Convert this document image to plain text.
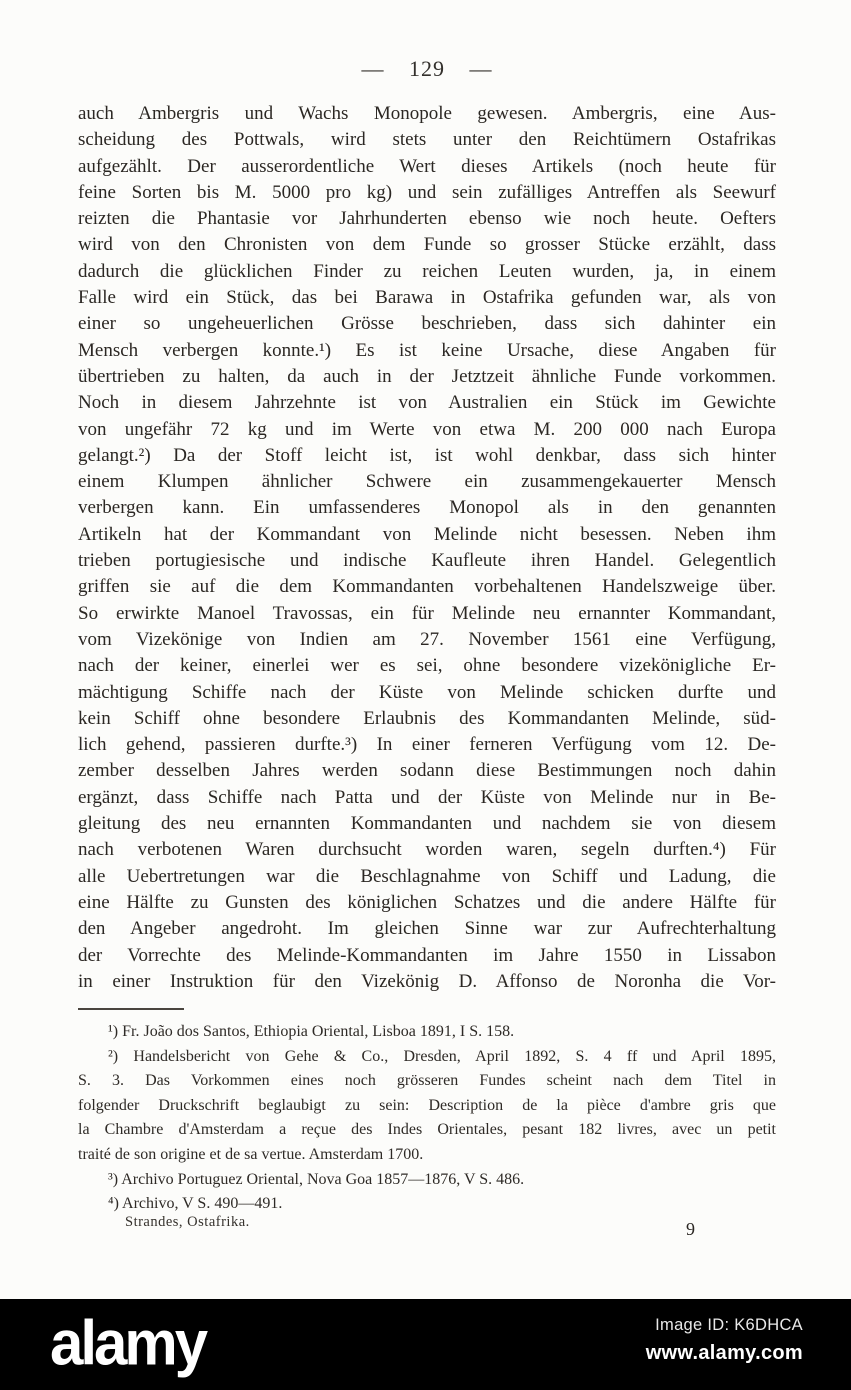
— 129 —
auch Ambergris und Wachs Monopole gewesen. Ambergris, eine Aus-
scheidung des Pottwals, wird stets unter den Reichtümern Ostafrikas
aufgezählt. Der ausserordentliche Wert dieses Artikels (noch heute für
feine Sorten bis M. 5000 pro kg) und sein zufälliges Antreffen als Seewurf
reizten die Phantasie vor Jahrhunderten ebenso wie noch heute. Oefters
wird von den Chronisten von dem Funde so grosser Stücke erzählt, dass
dadurch die glücklichen Finder zu reichen Leuten wurden, ja, in einem
Falle wird ein Stück, das bei Barawa in Ostafrika gefunden war, als von
einer so ungeheuerlichen Grösse beschrieben, dass sich dahinter ein
Mensch verbergen konnte.¹) Es ist keine Ursache, diese Angaben für
übertrieben zu halten, da auch in der Jetztzeit ähnliche Funde vorkommen.
Noch in diesem Jahrzehnte ist von Australien ein Stück im Gewichte
von ungefähr 72 kg und im Werte von etwa M. 200 000 nach Europa
gelangt.²) Da der Stoff leicht ist, ist wohl denkbar, dass sich hinter
einem Klumpen ähnlicher Schwere ein zusammengekauerter Mensch
verbergen kann. Ein umfassenderes Monopol als in den genannten
Artikeln hat der Kommandant von Melinde nicht besessen. Neben ihm
trieben portugiesische und indische Kaufleute ihren Handel. Gelegentlich
griffen sie auf die dem Kommandanten vorbehaltenen Handelszweige über.
So erwirkte Manoel Travossas, ein für Melinde neu ernannter Kommandant,
vom Vizekönige von Indien am 27. November 1561 eine Verfügung,
nach der keiner, einerlei wer es sei, ohne besondere vizekönigliche Er-
mächtigung Schiffe nach der Küste von Melinde schicken durfte und
kein Schiff ohne besondere Erlaubnis des Kommandanten Melinde, süd-
lich gehend, passieren durfte.³) In einer ferneren Verfügung vom 12. De-
zember desselben Jahres werden sodann diese Bestimmungen noch dahin
ergänzt, dass Schiffe nach Patta und der Küste von Melinde nur in Be-
gleitung des neu ernannten Kommandanten und nachdem sie von diesem
nach verbotenen Waren durchsucht worden waren, segeln durften.⁴) Für
alle Uebertretungen war die Beschlagnahme von Schiff und Ladung, die
eine Hälfte zu Gunsten des königlichen Schatzes und die andere Hälfte für
den Angeber angedroht. Im gleichen Sinne war zur Aufrechterhaltung
der Vorrechte des Melinde-Kommandanten im Jahre 1550 in Lissabon
in einer Instruktion für den Vizekönig D. Affonso de Noronha die Vor-
¹) Fr. João dos Santos, Ethiopia Oriental, Lisboa 1891, I S. 158.
²) Handelsbericht von Gehe & Co., Dresden, April 1892, S. 4 ff und April 1895,
S. 3. Das Vorkommen eines noch grösseren Fundes scheint nach dem Titel in
folgender Druckschrift beglaubigt zu sein: Description de la pièce d'ambre gris que
la Chambre d'Amsterdam a reçue des Indes Orientales, pesant 182 livres, avec un petit
traité de son origine et de sa vertue. Amsterdam 1700.
³) Archivo Portuguez Oriental, Nova Goa 1857—1876, V S. 486.
⁴) Archivo, V S. 490—491.
Strandes, Ostafrika.	9
alamy	Image ID: K6DHCA
www.alamy.com
